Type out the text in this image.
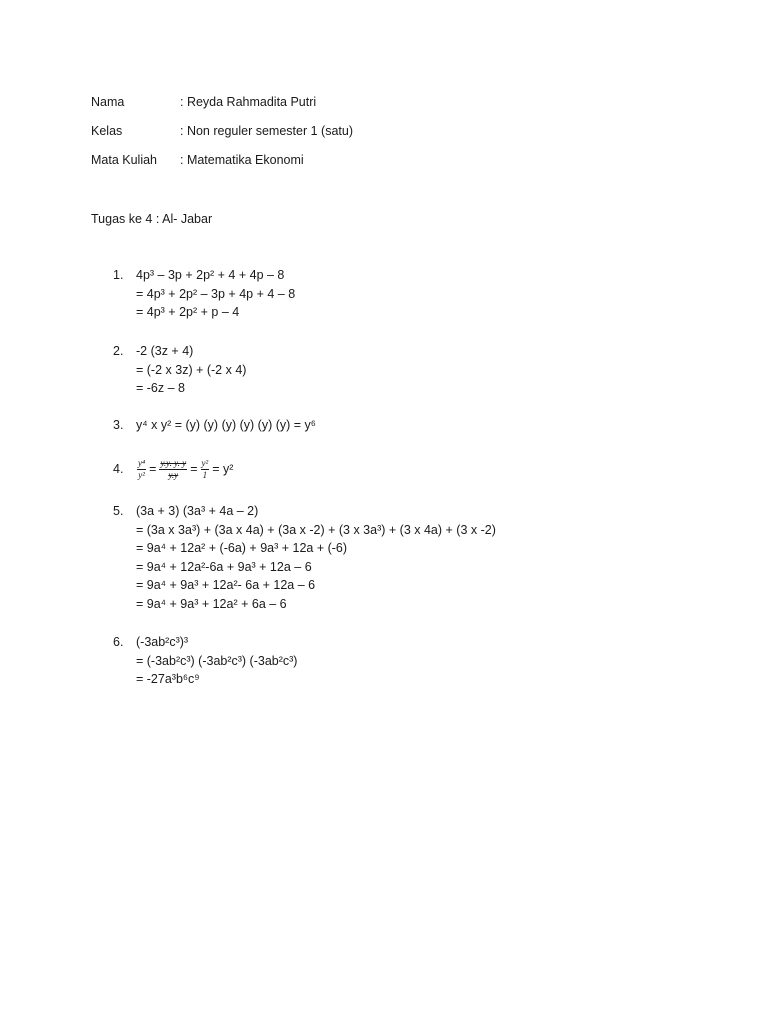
Nama	: Reyda Rahmadita Putri
Kelas	: Non reguler semester 1 (satu)
Mata Kuliah : Matematika Ekonomi
Tugas ke 4 : Al- Jabar
1. 4p³ – 3p + 2p² + 4 + 4p – 8
= 4p³ + 2p² – 3p + 4p + 4 – 8
= 4p³ + 2p² + p – 4
2. -2 (3z + 4)
= (-2 x 3z) + (-2 x 4)
= -6z – 8
3. y⁴ x y² = (y) (y) (y) (y) (y) (y) = y⁶
4. $\frac{\text{y⁴}}{\text{y²}} = \frac{y.y. y. y}{y.y} = \frac{\text{y²}}{1} = y^2$
5. (3a + 3) (3a³ + 4a – 2)
= (3a x 3a³) + (3a x 4a) + (3a x -2) + (3 x 3a³) + (3 x 4a) + (3 x -2)
= 9a⁴ + 12a² + (-6a) + 9a³ + 12a + (-6)
= 9a⁴ + 12a²-6a + 9a³ + 12a – 6
= 9a⁴ + 9a³ + 12a²- 6a + 12a – 6
= 9a⁴ + 9a³ + 12a² + 6a – 6
6. (-3ab²c³)³
= (-3ab²c³) (-3ab²c³) (-3ab²c³)
= -27a³b⁶c⁹
